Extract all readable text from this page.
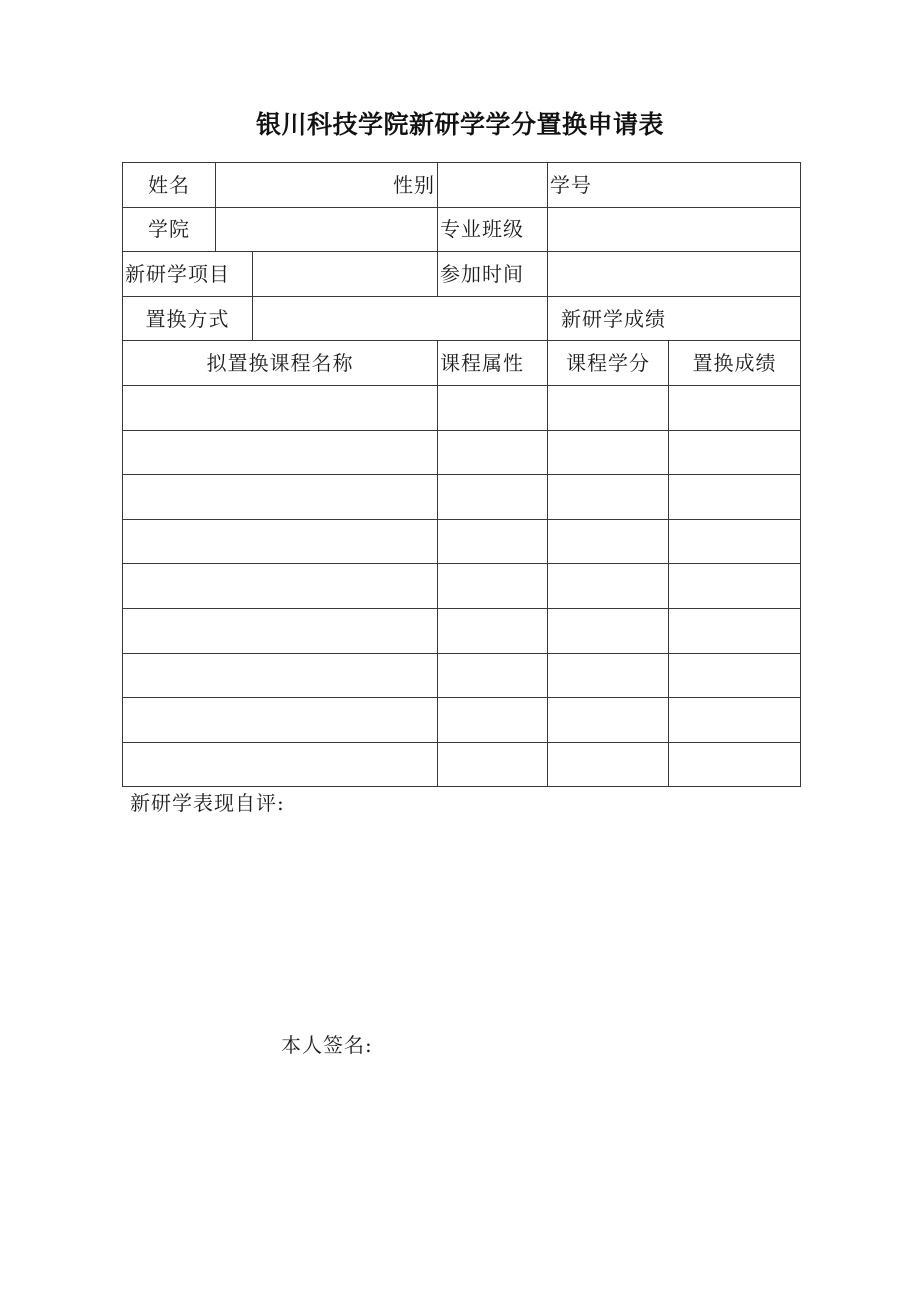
银川科技学院新研学学分置换申请表
姓名	性别			学号	
学院			专业班级		
新研学项目			参加时间		
置换方式				新研学成绩	
拟置换课程名称			课程属性	课程学分	置换成绩

新研学表现自评:
本人签名:
